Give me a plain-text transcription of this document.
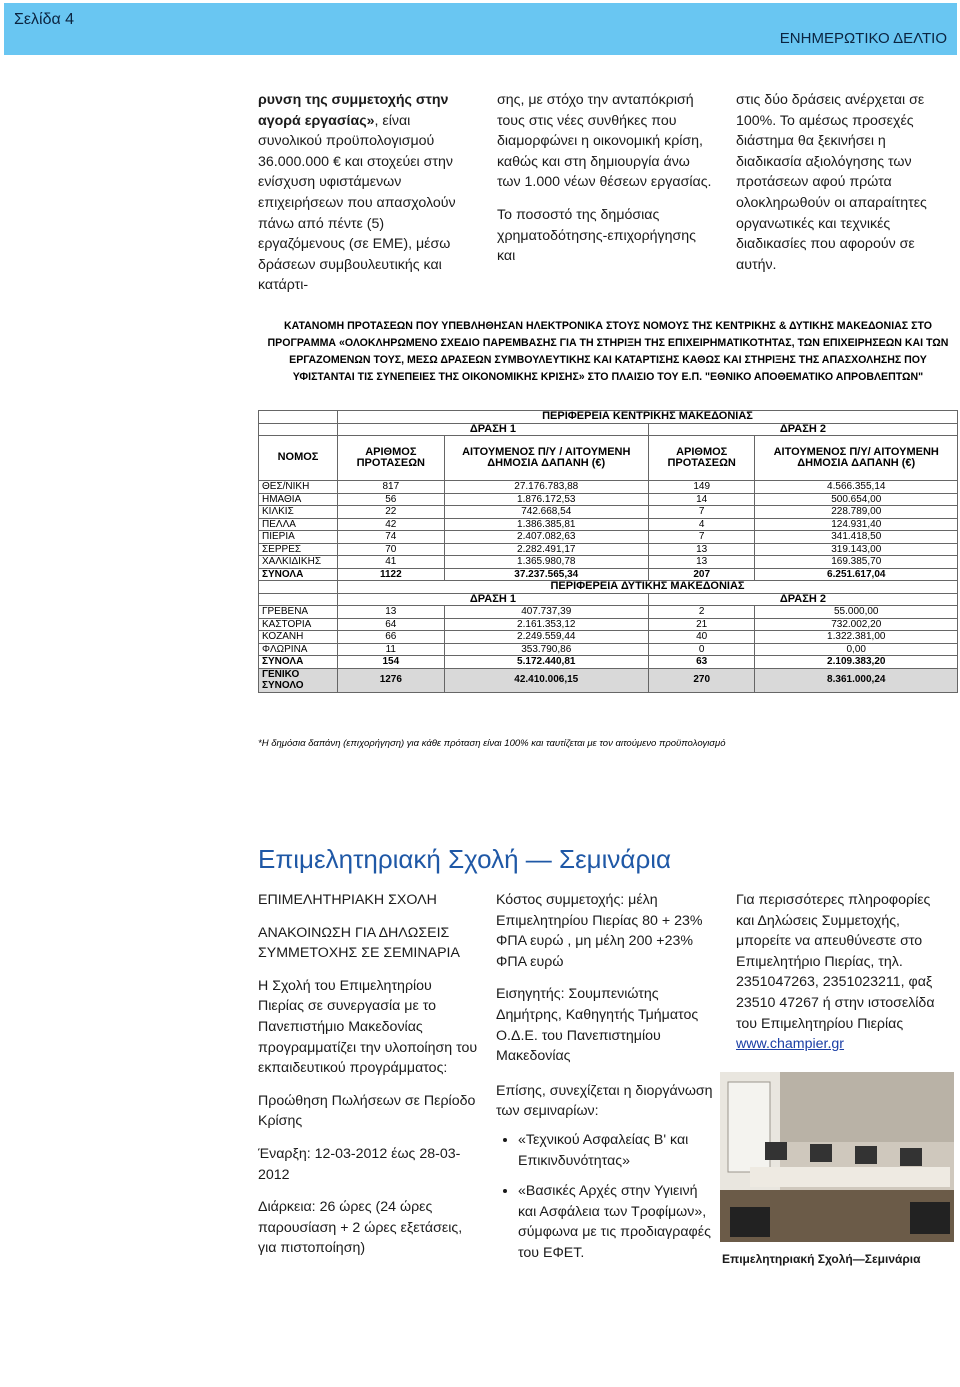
Σελίδα 4
ΕΝΗΜΕΡΩΤΙΚΟ ΔΕΛΤΙΟ

ρυνση της συμμετοχής στην αγορά εργασίας», είναι συνολικού προϋπολογισμού 36.000.000 € και στοχεύει στην ενίσχυση υφιστάμενων επιχειρήσεων που απασχολούν πάνω από πέντε (5) εργαζόμενους (σε ΕΜΕ), μέσω δράσεων συμβουλευτικής και κατάρτι-

σης, με στόχο την ανταπόκρισή τους στις νέες συνθήκες που διαμορφώνει η οικονομική κρίση, καθώς και στη δημιουργία άνω των 1.000 νέων θέσεων εργασίας.

Το ποσοστό της δημόσιας χρηματοδότησης-επιχορήγησης και

στις δύο δράσεις ανέρχεται σε 100%. Το αμέσως προσεχές διάστημα θα ξεκινήσει η διαδικασία αξιολόγησης των προτάσεων αφού πρώτα ολοκληρωθούν οι απαραίτητες οργανωτικές και τεχνικές διαδικασίες που αφορούν σε αυτήν.

ΚΑΤΑΝΟΜΗ ΠΡΟΤΑΣΕΩΝ ΠΟΥ ΥΠΕΒΛΗΘΗΣΑΝ ΗΛΕΚΤΡΟΝΙΚΑ ΣΤΟΥΣ ΝΟΜΟΥΣ ΤΗΣ ΚΕΝΤΡΙΚΗΣ & ΔΥΤΙΚΗΣ ΜΑΚΕΔΟΝΙΑΣ ΣΤΟ ΠΡΟΓΡΑΜΜΑ «ΟΛΟΚΛΗΡΩΜΕΝΟ ΣΧΕΔΙΟ ΠΑΡΕΜΒΑΣΗΣ ΓΙΑ ΤΗ ΣΤΗΡΙΞΗ ΤΗΣ ΕΠΙΧΕΙΡΗΜΑΤΙΚΟΤΗΤΑΣ, ΤΩΝ ΕΠΙΧΕΙΡΗΣΕΩΝ ΚΑΙ ΤΩΝ ΕΡΓΑΖΟΜΕΝΩΝ ΤΟΥΣ, ΜΕΣΩ ΔΡΑΣΕΩΝ ΣΥΜΒΟΥΛΕΥΤΙΚΗΣ ΚΑΙ ΚΑΤΑΡΤΙΣΗΣ ΚΑΘΩΣ ΚΑΙ ΣΤΗΡΙΞΗΣ ΤΗΣ ΑΠΑΣΧΟΛΗΣΗΣ ΠΟΥ ΥΦΙΣΤΑΝΤΑΙ ΤΙΣ ΣΥΝΕΠΕΙΕΣ ΤΗΣ ΟΙΚΟΝΟΜΙΚΗΣ ΚΡΙΣΗΣ» ΣΤΟ ΠΛΑΙΣΙΟ ΤΟΥ Ε.Π. "ΕΘΝΙΚΟ ΑΠΟΘΕΜΑΤΙΚΟ ΑΠΡΟΒΛΕΠΤΩΝ"
	ΠΕΡΙΦΕΡΕΙΑ ΚΕΝΤΡΙΚΗΣ ΜΑΚΕΔΟΝΙΑΣ			
	ΔΡΑΣΗ 1		ΔΡΑΣΗ 2	
ΝΟΜΟΣ	ΑΡΙΘΜΟΣ ΠΡΟΤΑΣΕΩΝ	ΑΙΤΟΥΜΕΝΟΣ Π/Υ / ΑΙΤΟΥΜΕΝΗ ΔΗΜΟΣΙΑ ΔΑΠΑΝΗ (€)	ΑΡΙΘΜΟΣ ΠΡΟΤΑΣΕΩΝ	ΑΙΤΟΥΜΕΝΟΣ Π/Υ/ ΑΙΤΟΥΜΕΝΗ ΔΗΜΟΣΙΑ ΔΑΠΑΝΗ (€)
ΘΕΣ/ΝΙΚΗ	817	27.176.783,88	149	4.566.355,14
ΗΜΑΘΙΑ	56	1.876.172,53	14	500.654,00
ΚΙΛΚΙΣ	22	742.668,54	7	228.789,00
ΠΕΛΛΑ	42	1.386.385,81	4	124.931,40
ΠΙΕΡΙΑ	74	2.407.082,63	7	341.418,50
ΣΕΡΡΕΣ	70	2.282.491,17	13	319.143,00
ΧΑΛΚΙΔΙΚΗΣ	41	1.365.980,78	13	169.385,70
ΣΥΝΟΛΑ	1122	37.237.565,34	207	6.251.617,04
	ΠΕΡΙΦΕΡΕΙΑ ΔΥΤΙΚΗΣ ΜΑΚΕΔΟΝΙΑΣ			
	ΔΡΑΣΗ 1		ΔΡΑΣΗ 2	
ΓΡΕΒΕΝΑ	13	407.737,39	2	55.000,00
ΚΑΣΤΟΡΙΑ	64	2.161.353,12	21	732.002,20
ΚΟΖΑΝΗ	66	2.249.559,44	40	1.322.381,00
ΦΛΩΡΙΝΑ	11	353.790,86	0	0,00
ΣΥΝΟΛΑ	154	5.172.440,81	63	2.109.383,20
ΓΕΝΙΚΟ ΣΥΝΟΛΟ	1276	42.410.006,15	270	8.361.000,24
*Η δημόσια δαπάνη (επιχορήγηση) για κάθε πρόταση είναι 100% και ταυτίζεται με τον αιτούμενο προϋπολογισμό
Επιμελητηριακή Σχολή — Σεμινάρια

ΕΠΙΜΕΛΗΤΗΡΙΑΚΗ ΣΧΟΛΗ

ΑΝΑΚΟΙΝΩΣΗ ΓΙΑ ΔΗΛΩΣΕΙΣ ΣΥΜΜΕΤΟΧΗΣ ΣΕ ΣΕΜΙΝΑΡΙΑ

Η Σχολή του Επιμελητηρίου Πιερίας σε συνεργασία με το Πανεπιστήμιο Μακεδονίας προγραμματίζει την υλοποίηση του εκπαιδευτικού προγράμματος:

Προώθηση Πωλήσεων σε Περίοδο Κρίσης

Έναρξη: 12-03-2012 έως 28-03-2012

Διάρκεια: 26 ώρες (24 ώρες παρουσίαση + 2 ώρες εξετάσεις, για πιστοποίηση)

Κόστος συμμετοχής: μέλη Επιμελητηρίου Πιερίας 80 + 23% ΦΠΑ ευρώ , μη μέλη 200 +23% ΦΠΑ ευρώ

Εισηγητής: Σουμπενιώτης Δημήτρης, Καθηγητής Τμήματος Ο.Δ.Ε. του Πανεπιστημίου Μακεδονίας

Επίσης, συνεχίζεται η διοργάνωση των σεμιναρίων:

• «Τεχνικού Ασφαλείας Β' και Επικινδυνότητας»
• «Βασικές Αρχές στην Υγιεινή και Ασφάλεια των Τροφίμων», σύμφωνα με τις προδιαγραφές του ΕΦΕΤ.

Για περισσότερες πληροφορίες και Δηλώσεις Συμμετοχής, μπορείτε να απευθύνεστε στο Επιμελητήριο Πιερίας, τηλ. 2351047263, 2351023211, φαξ 23510 47267 ή στην ιστοσελίδα του Επιμελητηρίου Πιερίας www.champier.gr

Επιμελητηριακή Σχολή—Σεμινάρια
